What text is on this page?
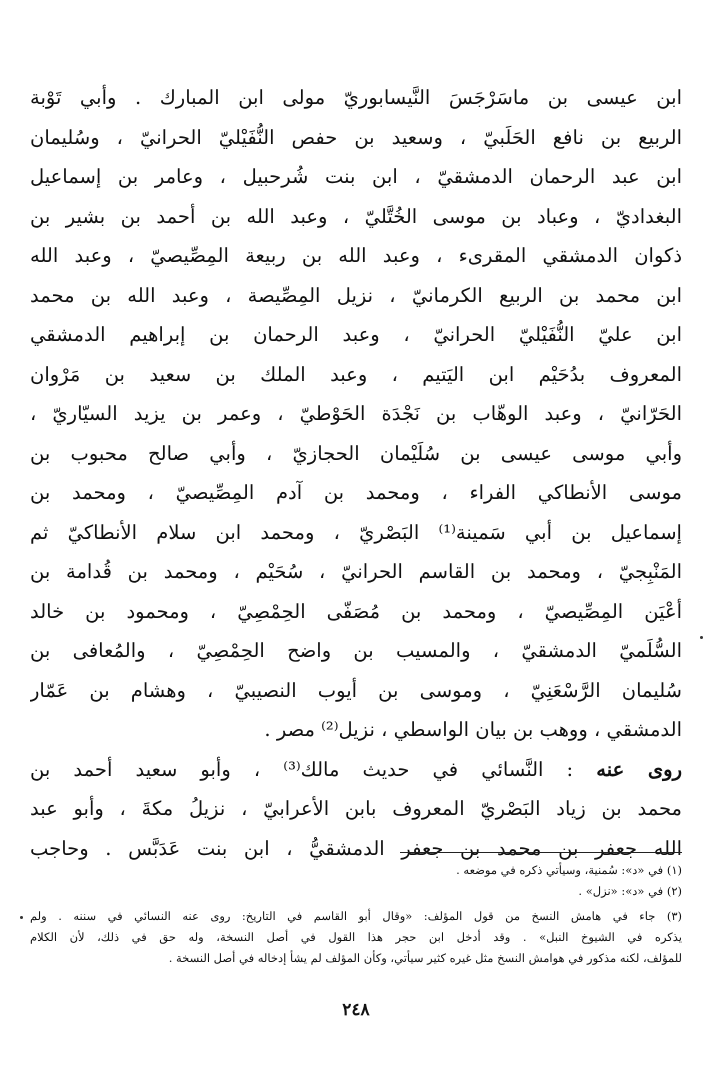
ابن عيسى بن ماسَرْجَسَ النَّيسابوريّ مولى ابن المبارك . وأبي تَوْبة
الربيع بن نافع الحَلَبيّ ، وسعيد بن حفص النُّفَيْليّ الحرانيّ ، وسُليمان
ابن عبد الرحمان الدمشقيّ ، ابن بنت شُرحبيل ، وعامر بن إسماعيل
البغداديّ ، وعباد بن موسى الخُتَّليّ ، وعبد الله بن أحمد بن بشير بن
ذكوان الدمشقي المقرىء ، وعبد الله بن ربيعة المِصِّيصيّ ، وعبد الله
ابن محمد بن الربيع الكرمانيّ ، نزيل المِصِّيصة ، وعبد الله بن محمد
ابن عليّ النُّفَيْليّ الحرانيّ ، وعبد الرحمان بن إبراهيم الدمشقي
المعروف بدُحَيْم ابن اليَتيم ، وعبد الملك بن سعيد بن مَرْوان
الحَرّانيّ ، وعبد الوهّاب بن نَجْدَة الحَوْطيّ ، وعمر بن يزيد السيّاريّ ،
وأبي موسى عيسى بن سُلَيْمان الحجازيّ ، وأبي صالح محبوب بن
موسى الأنطاكي الفراء ، ومحمد بن آدم المِصِّيصيّ ، ومحمد بن
إسماعيل بن أبي سَمينة⁽¹⁾ البَصْريّ ، ومحمد ابن سلام الأنطاكيّ ثم
المَنْبِجيّ ، ومحمد بن القاسم الحرانيّ ، سُحَيْم ، ومحمد بن قُدامة بن
أعْيَن المِصِّيصيّ ، ومحمد بن مُصَفّى الحِمْصِيّ ، ومحمود بن خالد
السُّلَميّ الدمشقيّ ، والمسيب بن واضح الحِمْصِيّ ، والمُعافى بن
سُليمان الرَّسْعَنِيّ ، وموسى بن أيوب النصيبيّ ، وهشام بن عَمّار
الدمشقي ، ووهب بن بيان الواسطي ، نزيل⁽²⁾ مصر .
روى عنه : النَّسائي في حديث مالك⁽³⁾ ، وأبو سعيد أحمد بن
محمد بن زياد البَصْريّ المعروف بابن الأعرابيّ ، نزيلُ مكةَ ، وأبو عبد
الله جعفر بن محمد بن جعفر الدمشقيُّ ، ابن بنت عَدَبَّس . وحاجب
(١) في «د»: سُمنية، وسيأتي ذكره في موضعه .
(٢) في «د»: «نزل» .
(٣) جاء في هامش النسخ من قول المؤلف: «وقال أبو القاسم في التاريخ: روى عنه النسائي في سننه . ولم
يذكره في الشيوخ النبل» . وقد أدخل ابن حجر هذا القول في أصل النسخة، وله حق في ذلك، لأن الكلام
للمؤلف، لكنه مذكور في هوامش النسخ مثل غيره كثير سيأتي، وكأن المؤلف لم يشأ إدخاله في أصل النسخة .
٢٤٨
